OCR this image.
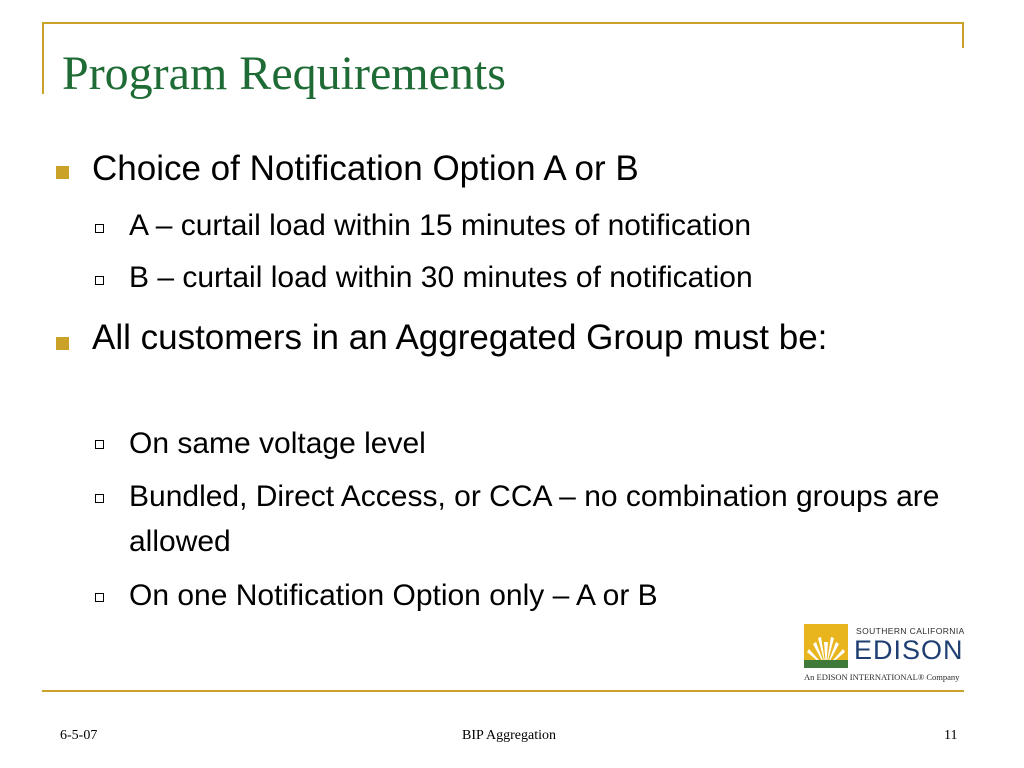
Program Requirements
Choice of Notification Option A or B
A – curtail load within 15 minutes of notification
B – curtail load within 30 minutes of notification
All customers in an Aggregated Group must be:
On same voltage level
Bundled, Direct Access, or CCA – no combination groups are allowed
On one Notification Option only – A or B
SOUTHERN CALIFORNIA
EDISON
An EDISON INTERNATIONAL® Company
6-5-07	BIP Aggregation	11
